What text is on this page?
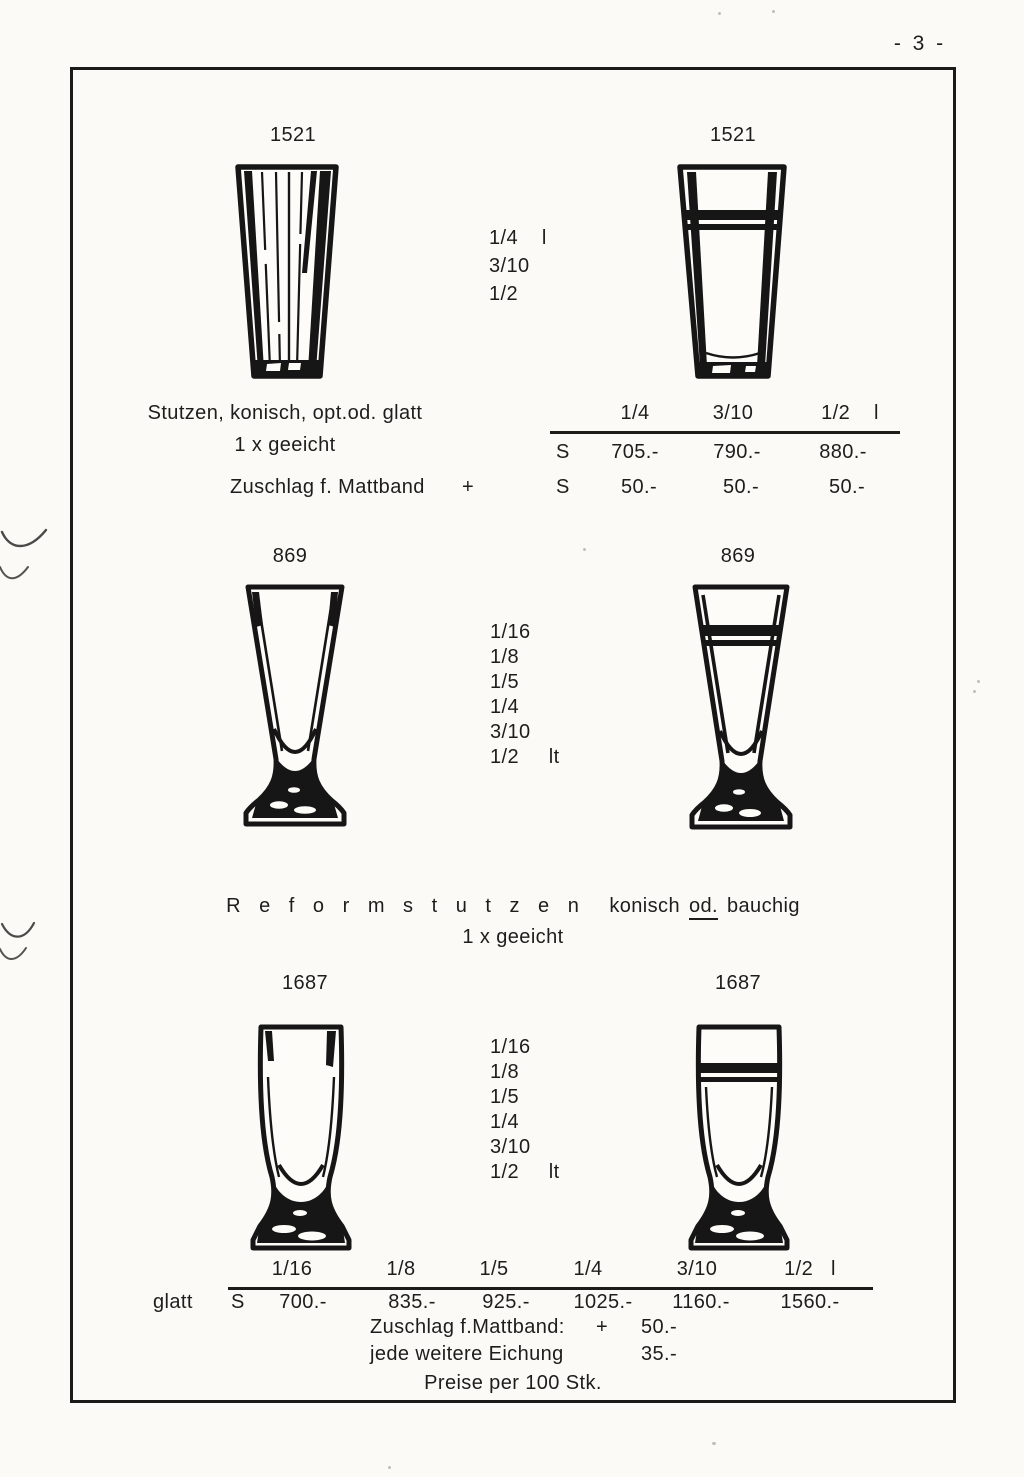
- 3 -
1521	1521
1/4    l
3/10
1/2
Stutzen, konisch, opt.od. glatt
1 x geeicht
1/4	3/10	1/2    l
S	705.-	790.-	880.-
Zuschlag f. Mattband +	S	50.-	50.-	50.-
869	869
1/16
1/8
1/5
1/4
3/10
1/2     lt
R e f o r m s t u t z e n konisch od. bauchig
1 x geeicht
1687	1687
1/16
1/8
1/5
1/4
3/10
1/2     lt
1/16	1/8	1/5	1/4	3/10	1/2   l
glatt S	700.-	835.-	925.-	1025.-	1160.-	1560.-
Zuschlag f.Mattband: + 50.-
jede weitere Eichung	35.-
Preise per 100 Stk.
